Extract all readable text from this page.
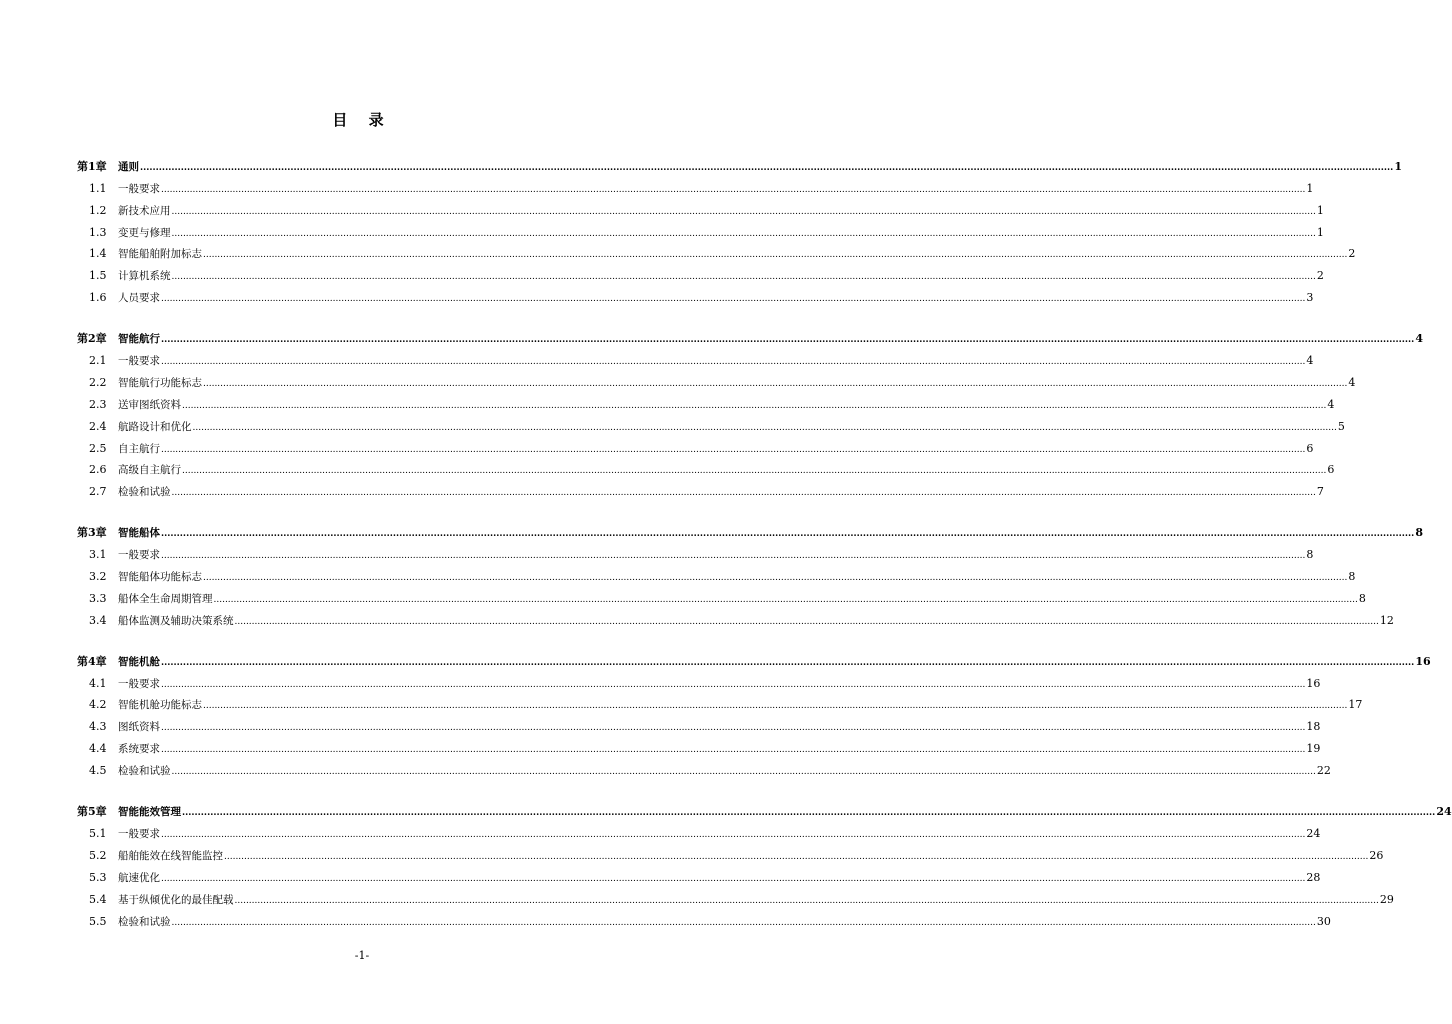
目 录
第1章	通则 ................................................................................................................................................................................................................................................................................................................................................................................................................ 1
1.1	一般要求 ................................................................................................................................................................................................................................................................................................................................................................................................................ 1
1.2	新技术应用 ................................................................................................................................................................................................................................................................................................................................................................................................................ 1
1.3	变更与修理 ................................................................................................................................................................................................................................................................................................................................................................................................................ 1
1.4	智能船舶附加标志 ................................................................................................................................................................................................................................................................................................................................................................................................................ 2
1.5	计算机系统 ................................................................................................................................................................................................................................................................................................................................................................................................................ 2
1.6	人员要求 ................................................................................................................................................................................................................................................................................................................................................................................................................ 3
第2章	智能航行 ................................................................................................................................................................................................................................................................................................................................................................................................................ 4
2.1	一般要求 ................................................................................................................................................................................................................................................................................................................................................................................................................ 4
2.2	智能航行功能标志 ................................................................................................................................................................................................................................................................................................................................................................................................................ 4
2.3	送审图纸资料 ................................................................................................................................................................................................................................................................................................................................................................................................................ 4
2.4	航路设计和优化 ................................................................................................................................................................................................................................................................................................................................................................................................................ 5
2.5	自主航行 ................................................................................................................................................................................................................................................................................................................................................................................................................ 6
2.6	高级自主航行 ................................................................................................................................................................................................................................................................................................................................................................................................................ 6
2.7	检验和试验 ................................................................................................................................................................................................................................................................................................................................................................................................................ 7
第3章	智能船体 ................................................................................................................................................................................................................................................................................................................................................................................................................ 8
3.1	一般要求 ................................................................................................................................................................................................................................................................................................................................................................................................................ 8
3.2	智能船体功能标志 ................................................................................................................................................................................................................................................................................................................................................................................................................ 8
3.3	船体全生命周期管理 ................................................................................................................................................................................................................................................................................................................................................................................................................ 8
3.4	船体监测及辅助决策系统 ................................................................................................................................................................................................................................................................................................................................................................................................................ 12
第4章	智能机舱 ................................................................................................................................................................................................................................................................................................................................................................................................................ 16
4.1	一般要求 ................................................................................................................................................................................................................................................................................................................................................................................................................ 16
4.2	智能机舱功能标志 ................................................................................................................................................................................................................................................................................................................................................................................................................ 17
4.3	图纸资料 ................................................................................................................................................................................................................................................................................................................................................................................................................ 18
4.4	系统要求 ................................................................................................................................................................................................................................................................................................................................................................................................................ 19
4.5	检验和试验 ................................................................................................................................................................................................................................................................................................................................................................................................................ 22
第5章	智能能效管理 ................................................................................................................................................................................................................................................................................................................................................................................................................ 24
5.1	一般要求 ................................................................................................................................................................................................................................................................................................................................................................................................................ 24
5.2	船舶能效在线智能监控 ................................................................................................................................................................................................................................................................................................................................................................................................................ 26
5.3	航速优化 ................................................................................................................................................................................................................................................................................................................................................................................................................ 28
5.4	基于纵倾优化的最佳配载 ................................................................................................................................................................................................................................................................................................................................................................................................................ 29
5.5	检验和试验 ................................................................................................................................................................................................................................................................................................................................................................................................................ 30
-1-
